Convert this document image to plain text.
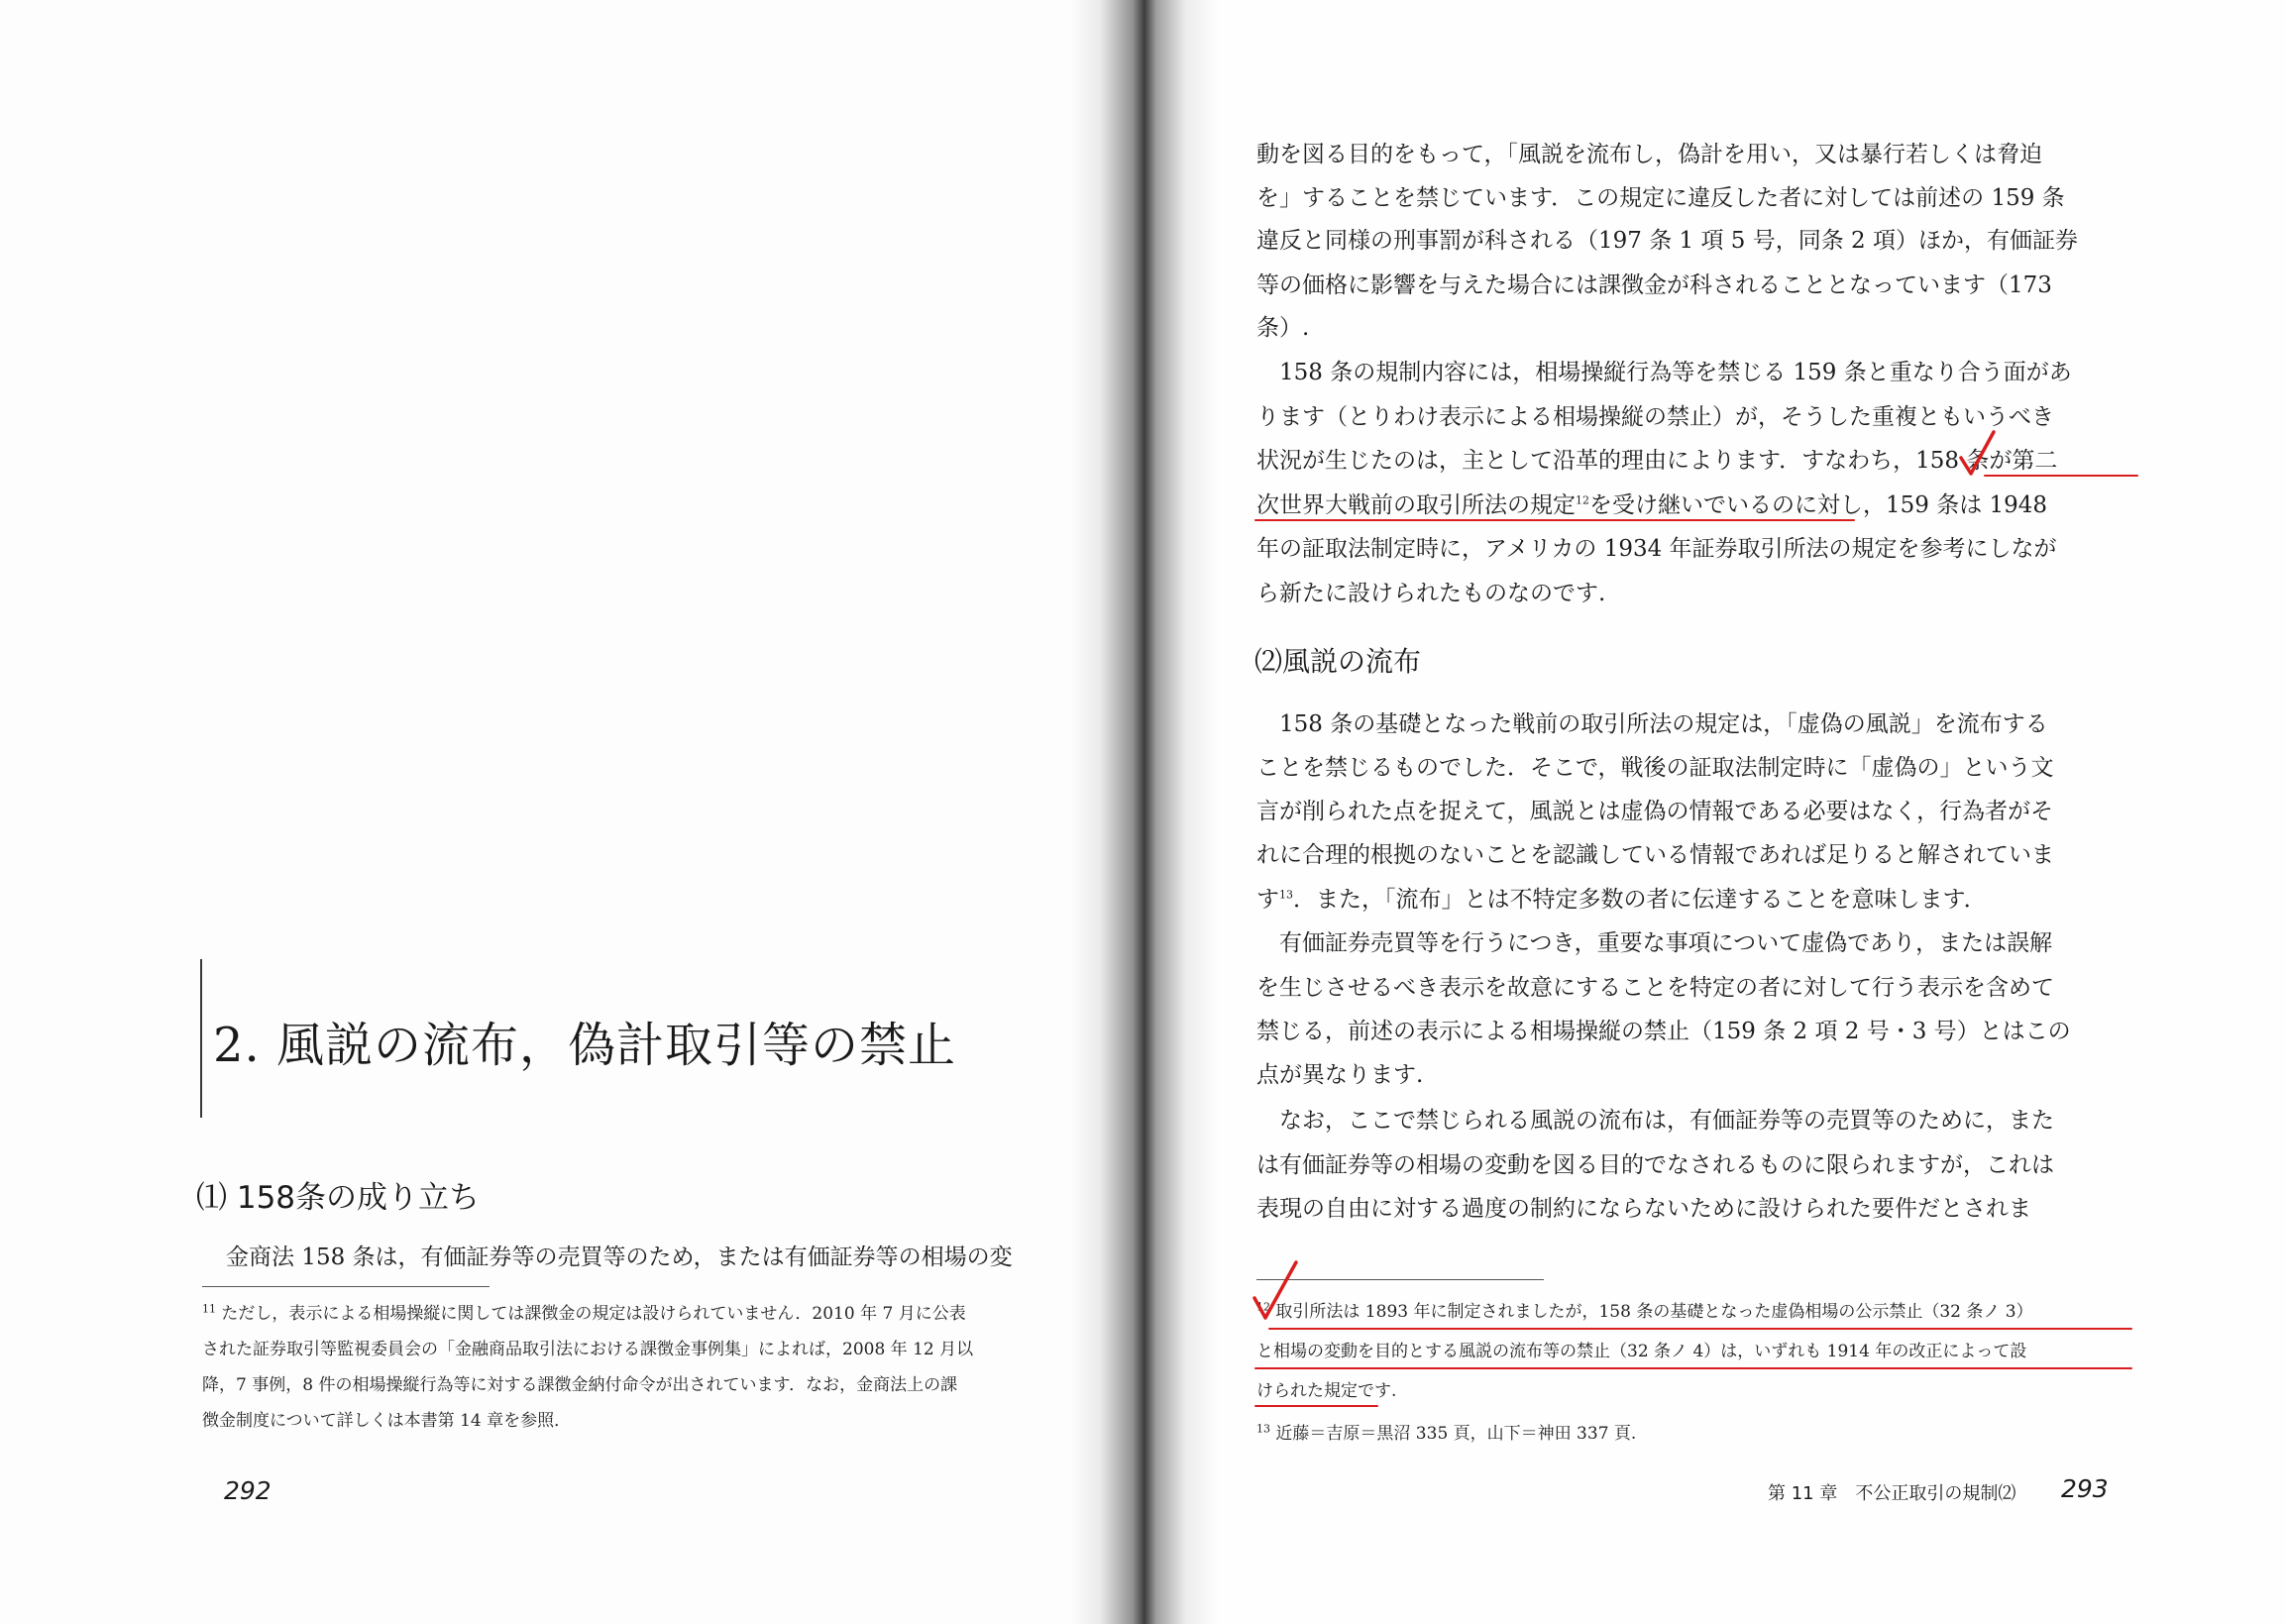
2. 風説の流布，偽計取引等の禁止
⑴ 158条の成り立ち

金商法 158 条は，有価証券等の売買等のため，または有価証券等の相場の変

$^{11}$ ただし，表示による相場操縦に関しては課徴金の規定は設けられていません．2010 年 7 月に公表

された証券取引等監視委員会の「金融商品取引法における課徴金事例集」によれば，2008 年 12 月以

降，7 事例，8 件の相場操縦行為等に対する課徴金納付命令が出されています．なお，金商法上の課

徴金制度について詳しくは本書第 14 章を参照．

292

動を図る目的をもって，「風説を流布し，偽計を用い，又は暴行若しくは脅迫

を」することを禁じています．この規定に違反した者に対しては前述の 159 条

違反と同様の刑事罰が科される（197 条 1 項 5 号，同条 2 項）ほか，有価証券

等の価格に影響を与えた場合には課徴金が科されることとなっています（173

条）.

　158 条の規制内容には，相場操縦行為等を禁じる 159 条と重なり合う面があ

ります（とりわけ表示による相場操縦の禁止）が，そうした重複ともいうべき

状況が生じたのは，主として沿革的理由によります．すなわち，158 条が第二

次世界大戦前の取引所法の規定$^{12}$を受け継いでいるのに対し，159 条は 1948

年の証取法制定時に，アメリカの 1934 年証券取引所法の規定を参考にしなが

ら新たに設けられたものなのです.

⑵風説の流布

　158 条の基礎となった戦前の取引所法の規定は，「虚偽の風説」を流布する

ことを禁じるものでした．そこで，戦後の証取法制定時に「虚偽の」という文

言が削られた点を捉えて，風説とは虚偽の情報である必要はなく，行為者がそ

れに合理的根拠のないことを認識している情報であれば足りると解されていま

す$^{13}$．また，「流布」とは不特定多数の者に伝達することを意味します．

　有価証券売買等を行うにつき，重要な事項について虚偽であり，または誤解

を生じさせるべき表示を故意にすることを特定の者に対して行う表示を含めて

禁じる，前述の表示による相場操縦の禁止（159 条 2 項 2 号・3 号）とはこの

点が異なります.

　なお，ここで禁じられる風説の流布は，有価証券等の売買等のために，また

は有価証券等の相場の変動を図る目的でなされるものに限られますが，これは

表現の自由に対する過度の制約にならないために設けられた要件だとされま

$^{12}$ 取引所法は 1893 年に制定されましたが，158 条の基礎となった虚偽相場の公示禁止（32 条ノ 3）

と相場の変動を目的とする風説の流布等の禁止（32 条ノ 4）は，いずれも 1914 年の改正によって設

けられた規定です.

$^{13}$ 近藤＝吉原＝黒沼 335 頁，山下＝神田 337 頁.

第 11 章　不公正取引の規制⑵ 293
